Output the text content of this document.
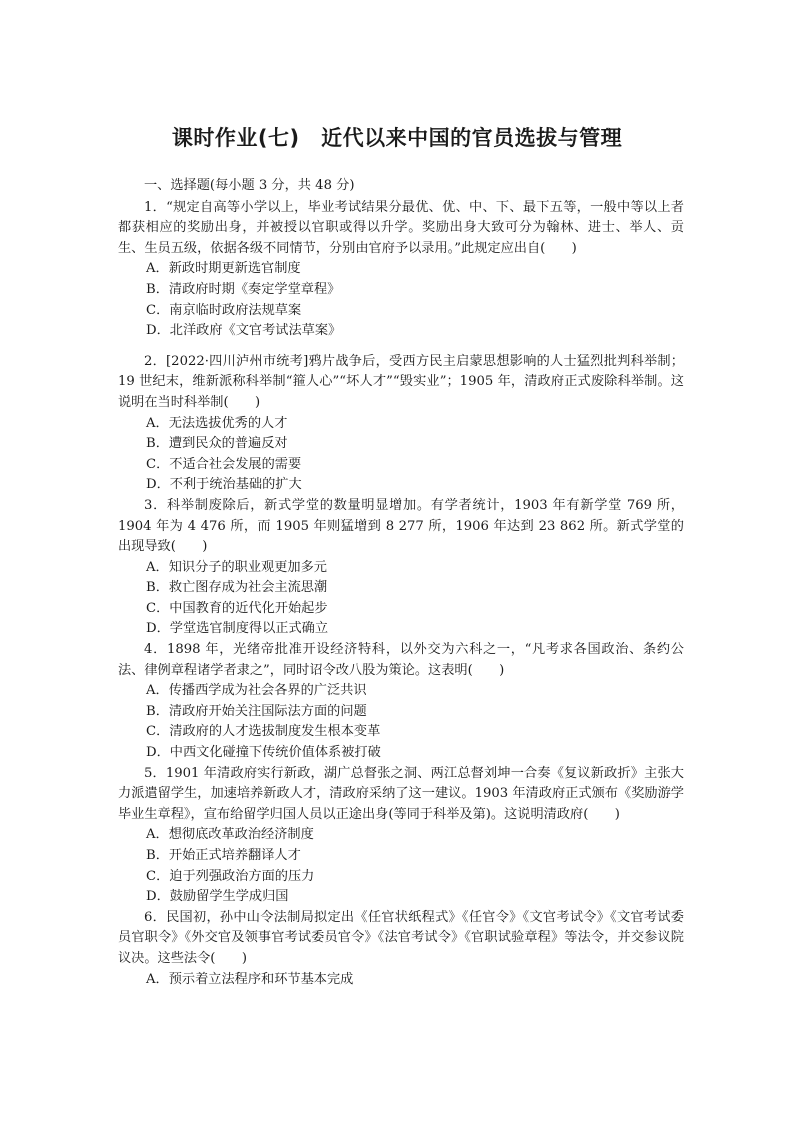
课时作业(七)　近代以来中国的官员选拔与管理

一、选择题(每小题 3 分，共 48 分)

1．“规定自高等小学以上，毕业考试结果分最优、优、中、下、最下五等，一般中等以上者都获相应的奖励出身，并被授以官职或得以升学。奖励出身大致可分为翰林、进士、举人、贡生、生员五级，依据各级不同情节，分别由官府予以录用。”此规定应出自(　　)

A．新政时期更新选官制度

B．清政府时期《奏定学堂章程》

C．南京临时政府法规草案

D．北洋政府《文官考试法草案》

2．[2022·四川泸州市统考]鸦片战争后，受西方民主启蒙思想影响的人士猛烈批判科举制；19 世纪末，维新派称科举制“箍人心”“坏人才”“毁实业”；1905 年，清政府正式废除科举制。这说明在当时科举制(　　)

A．无法选拔优秀的人才

B．遭到民众的普遍反对

C．不适合社会发展的需要

D．不利于统治基础的扩大

3．科举制废除后，新式学堂的数量明显增加。有学者统计，1903 年有新学堂 769 所，1904 年为 4 476 所，而 1905 年则猛增到 8 277 所，1906 年达到 23 862 所。新式学堂的出现导致(　　)

A．知识分子的职业观更加多元

B．救亡图存成为社会主流思潮

C．中国教育的近代化开始起步

D．学堂选官制度得以正式确立

4．1898 年，光绪帝批准开设经济特科，以外交为六科之一，“凡考求各国政治、条约公法、律例章程诸学者隶之”，同时诏令改八股为策论。这表明(　　)

A．传播西学成为社会各界的广泛共识

B．清政府开始关注国际法方面的问题

C．清政府的人才选拔制度发生根本变革

D．中西文化碰撞下传统价值体系被打破

5．1901 年清政府实行新政，湖广总督张之洞、两江总督刘坤一合奏《复议新政折》主张大力派遣留学生，加速培养新政人才，清政府采纳了这一建议。1903 年清政府正式颁布《奖励游学毕业生章程》，宣布给留学归国人员以正途出身(等同于科举及第)。这说明清政府(　　)

A．想彻底改革政治经济制度

B．开始正式培养翻译人才

C．迫于列强政治方面的压力

D．鼓励留学生学成归国

6．民国初，孙中山令法制局拟定出《任官状纸程式》《任官令》《文官考试令》《文官考试委员官职令》《外交官及领事官考试委员官令》《法官考试令》《官职试验章程》等法令，并交参议院议决。这些法令(　　)

A．预示着立法程序和环节基本完成
